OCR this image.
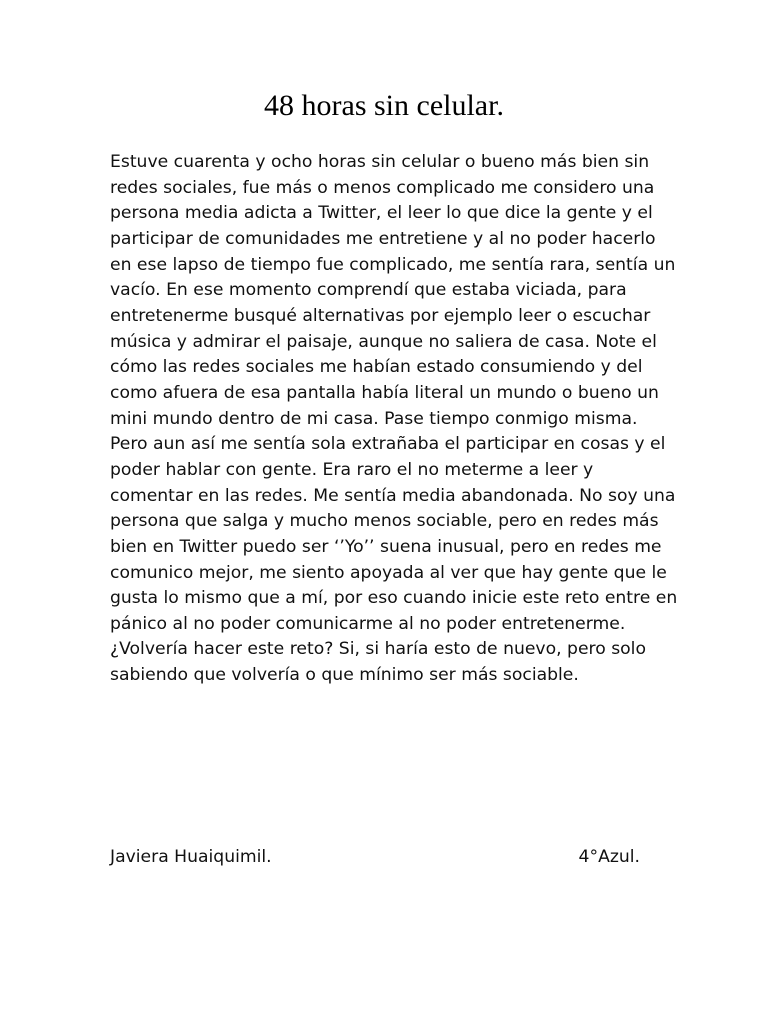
48 horas sin celular.
Estuve cuarenta y ocho horas sin celular o bueno más bien sin
redes sociales, fue más o menos complicado me considero una
persona media adicta a Twitter, el leer lo que dice la gente y el
participar de comunidades me entretiene y al no poder hacerlo
en ese lapso de tiempo fue complicado, me sentía rara, sentía un
vacío. En ese momento comprendí que estaba viciada, para
entretenerme busqué alternativas por ejemplo leer o escuchar
música y admirar el paisaje, aunque no saliera de casa. Note el
cómo las redes sociales me habían estado consumiendo y del
como afuera de esa pantalla había literal un mundo o bueno un
mini mundo dentro de mi casa. Pase tiempo conmigo misma.
Pero aun así me sentía sola extrañaba el participar en cosas y el
poder hablar con gente. Era raro el no meterme a leer y
comentar en las redes. Me sentía media abandonada. No soy una
persona que salga y mucho menos sociable, pero en redes más
bien en Twitter puedo ser ‘’Yo’’ suena inusual, pero en redes me
comunico mejor, me siento apoyada al ver que hay gente que le
gusta lo mismo que a mí, por eso cuando inicie este reto entre en
pánico al no poder comunicarme al no poder entretenerme.
¿Volvería hacer este reto? Si, si haría esto de nuevo, pero solo
sabiendo que volvería o que mínimo ser más sociable.
Javiera Huaiquimil.	4°Azul.
